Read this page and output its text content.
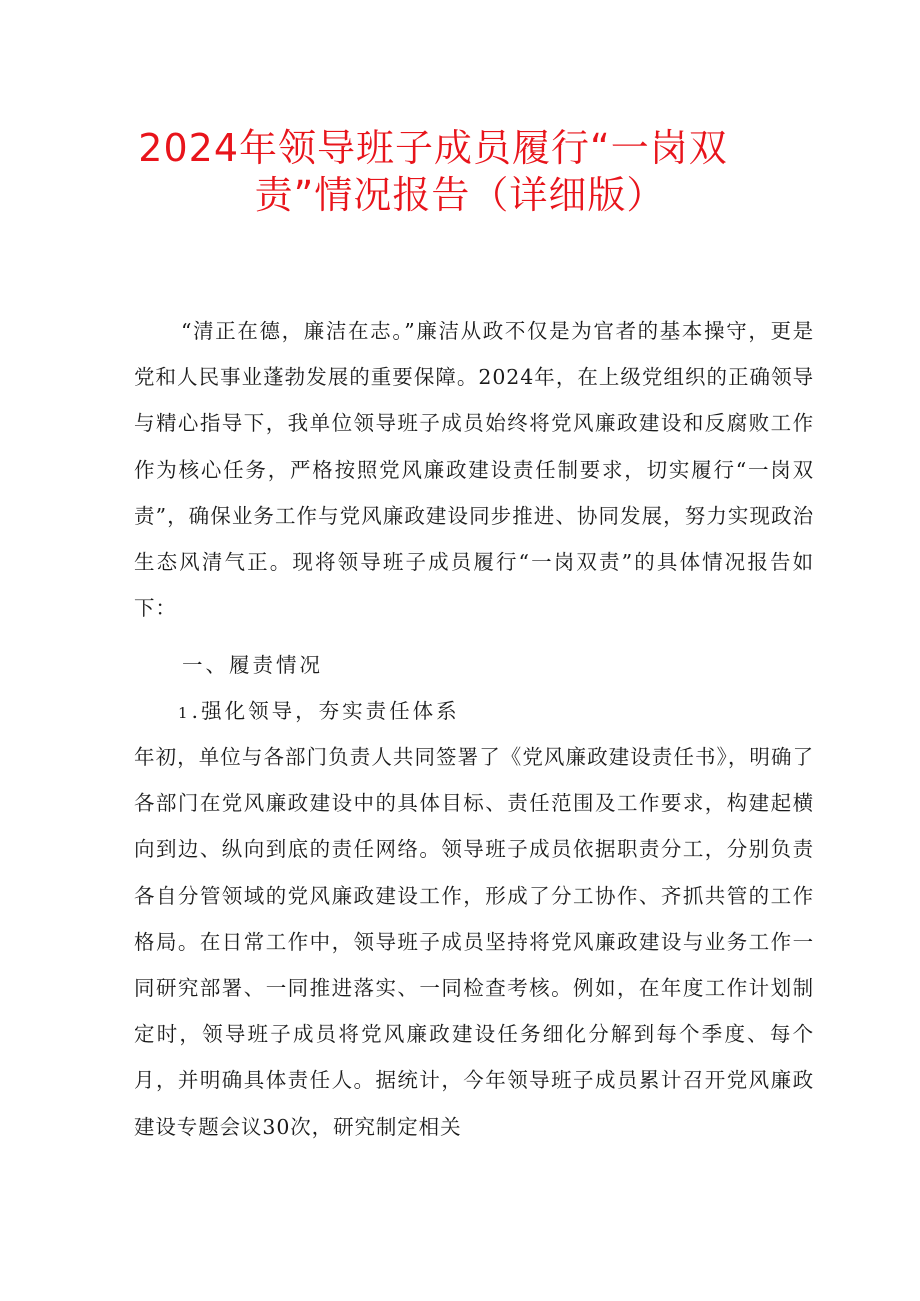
2024年领导班子成员履行“一岗双
责”情况报告（详细版）
“清正在德，廉洁在志。”廉洁从政不仅是为官者的基本操守，更是党和人民事业蓬勃发展的重要保障。2024年，在上级党组织的正确领导与精心指导下，我单位领导班子成员始终将党风廉政建设和反腐败工作作为核心任务，严格按照党风廉政建设责任制要求，切实履行“一岗双责”，确保业务工作与党风廉政建设同步推进、协同发展，努力实现政治生态风清气正。现将领导班子成员履行“一岗双责”的具体情况报告如下：
一、履责情况
1.强化领导，夯实责任体系
年初，单位与各部门负责人共同签署了《党风廉政建设责任书》，明确了各部门在党风廉政建设中的具体目标、责任范围及工作要求，构建起横向到边、纵向到底的责任网络。领导班子成员依据职责分工，分别负责各自分管领域的党风廉政建设工作，形成了分工协作、齐抓共管的工作格局。在日常工作中，领导班子成员坚持将党风廉政建设与业务工作一同研究部署、一同推进落实、一同检查考核。例如，在年度工作计划制定时，领导班子成员将党风廉政建设任务细化分解到每个季度、每个月，并明确具体责任人。据统计，今年领导班子成员累计召开党风廉政建设专题会议30次，研究制定相关
